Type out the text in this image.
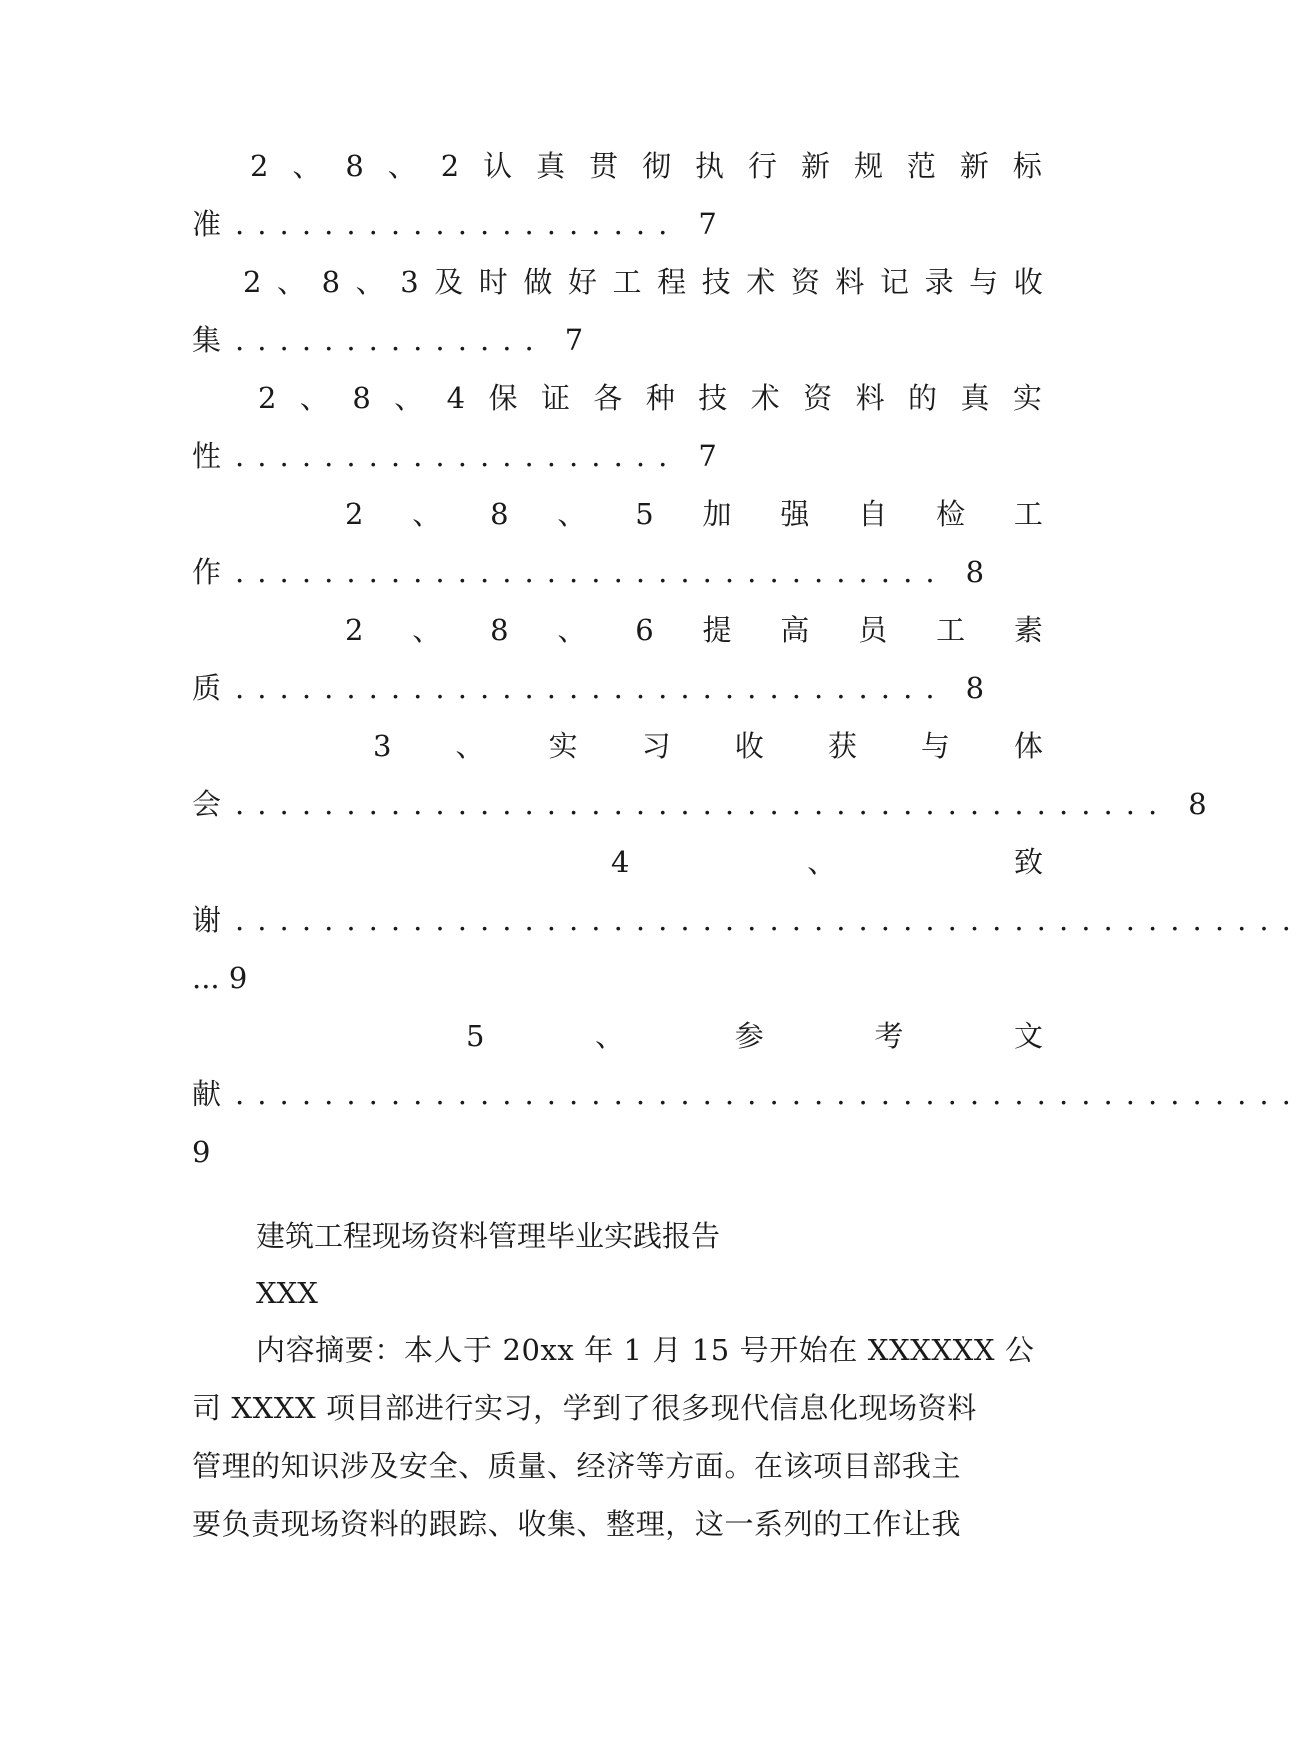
2 、 8 、 2 认 真 贯 彻 执 行 新 规 范 新 标
准 .................... 7
2 、 8 、 3 及 时 做 好 工 程 技 术 资 料 记 录 与 收
集 .............. 7
2 、 8 、 4 保 证 各 种 技 术 资 料 的 真 实
性 .................... 7
2 、 8 、 5 加 强 自 检 工
作 ................................ 8
2 、 8 、 6 提 高 员 工 素
质 ................................ 8
3 、 实 习 收 获 与 体
会 .......................................... 8
4	、	致
谢 ................................................
... 9
5	、	参	考	文
献 ................................................
9
建筑工程现场资料管理毕业实践报告
XXX
内容摘要：本人于 20xx 年 1 月 15 号开始在 XXXXXX 公
司 XXXX 项目部进行实习，学到了很多现代信息化现场资料
管理的知识涉及安全、质量、经济等方面。在该项目部我主
要负责现场资料的跟踪、收集、整理，这一系列的工作让我
